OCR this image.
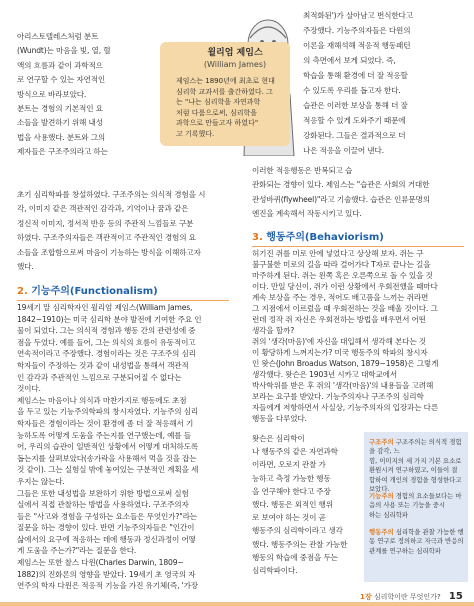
윌리엄 제임스
(William James)
제임스는 1890년에 최초로 현대
심리학 교과서를 출간하였다. 그
는 "나는 심리학을 자연과학
처럼 다룸으로써, 심리학을
과학으로 만들고자 하였다"
고 기록했다.
아리스토텔레스처럼 분트
(Wundt)는 마음을 빛, 열, 혈
액의 흐름과 같이 과학적으
로 연구할 수 있는 자연적인
방식으로 바라보았다.
분트는 경험의 기본적인 요
소들을 발견하기 위해 내성
법을 사용했다. 분트와 그의
제자들은 구조주의라고 하는
초기 심리학파를 창설하였다. 구조주의는 의식적 경험을 시
각, 이미지 같은 객관적인 감각과, 기억이나 꿈과 같은
정신적 이미지, 정서적 반응 등의 주관적 느낌들로 구분
하였다. 구조주의자들은 객관적이고 주관적인 경험의 요
소들을 조합함으로써 마음이 기능하는 방식을 이해하고자
했다.
2. 기능주의(Functionalism)
19세기 말 심리학자인 윌리엄 제임스(William James,
1842~1910)는 미국 심리학 분야 발전에 기여한 주요 인
물이 되었다. 그는 의식적 경험과 행동 간의 관련성에 중
점을 두었다. 예를 들어, 그는 의식의 흐름이 유동적이고
연속적이라고 주장했다. 경험이라는 것은 구조주의 심리
학자들이 주장하는 것과 같이 내성법을 통해서 객관적
인 감각과 주관적인 느낌으로 구분되어질 수 없다는
것이다.
제임스는 마음이나 의식과 마찬가지로 행동에도 초점
을 두고 있는 기능주의학파의 창시자였다. 기능주의 심리
학자들은 경험이라는 것이 환경에 좀 더 잘 적응해서 기
능하도록 어떻게 도움을 주는지를 연구했는데, 예를 들
어, 우리의 습관이 일반적인 상황에서 어떻게 대처하도록
돕는지를 살펴보았다(송가락을 사용해서 먹을 것을 잡는
것 같이). 그는 실험실 밖에 놓여있는 구분적인 계획을 세
우지는 않는다.
그들은 또한 내성법을 보완하기 위한 방법으로써 실험
실에서 직접 관찰하는 방법을 사용하였다. 구조주의자
들은 "사고와 경험을 구성하는 요소들은 무엇인가?"라는
질문을 하는 경향이 있다. 반면 기능주의자들은 "인간이
삶에서의 요구에 적응하는 데에 행동과 정신과정이 어떻
게 도움을 주는가?"라는 질문을 한다.
제임스는 또한 찰스 다윈(Charles Darwin, 1809~
1882)의 진화론의 영향을 받았다. 19세기 초 영국의 자
연주의 학자 다윈은 적응적 기능을 가진 유기체(즉, '가장
최적화된')가 살아남고 번식한다고
주장했다. 기능주의자들은 다윈의
이론을 재해석해 적응적 행동패턴
의 측면에서 보게 되었다. 즉,
학습을 통해 환경에 더 잘 적응할
수 있도록 우리를 돕고자 한다.
습관은 이러한 보상을 통해 더 잘
적응할 수 있게 도와주기 때문에
강화된다. 그들은 결과적으로 더
나은 적응을 이끌어 낸다.
이러한 적응행동은 반복되고 습
관화되는 경향이 있다. 제임스는 "습관은 사회의 거대한
관성바퀴(flywheel)"라고 기술했다. 습관은 인류문명의
엔진을 계속해서 작동시키고 있다.
3. 행동주의(Behaviorism)
허기진 쥐를 미로 안에 넣었다고 상상해 보자. 쥐는 구
불구불한 미로의 길을 따라 걸어가다 T자로 끝나는 길을
마주하게 된다. 쥐는 왼쪽 혹은 오른쪽으로 돌 수 있을 것
이다. 만일 당신이, 쥐가 이런 상황에서 우회전했을 때마다
계속 보상을 주는 경우, 적어도 배고픔을 느끼는 쥐라면
그 지점에서 이르렀을 때 우회전하는 것을 배울 것이다. 그
런데 정작 쥐 자신은 우회전하는 방법을 배우면서 어떤
생각을 할까?
쥐의 '생각(마음)'에 자신을 대입해서 생각해 본다는 것
이 황당하게 느껴지는가? 미국 행동주의 학파의 창시자
인 왓슨(John Broadus Watson, 1879~1958)은 그렇게
생각했다. 왓슨은 1903년 시카고 대학교에서
박사학위를 받은 후 쥐의 '생각(마음)'의 내용들을 고려해
보라는 요구를 받았다. 기능주의자나 구조주의 심리학
자들에게 저항하면서 사실상, 기능주의자의 입장과는 다른
행동을 다루었다.
왓슨은 심리학이
나 행동주의 같은 자연과학
이라면, 오로지 관찰 가
능하고 측정 가능한 행동
을 연구해야 한다고 주장
했다. 행동은 외적인 행위
로 보여야 하는 것이 곧
행동주의 심리학이라고 생각
했다. 행동주의는 관찰 가능한
행동의 학습에 중점을 두는
심리학파이다.
구조주의 구조주의는 의식적 경험을 감각, 느
낌, 이미지의 세 가지 기본 요소로
환원시켜 연구하였고, 이들이 결
합하여 개인의 경험을 형성한다고
보았다.
기능주의 경험의 요소들보다는 마
음의 사용 또는 기능을 중시
하는 심리학파
행동주의 심리학을 관찰 가능한 행
동 연구로 정의하고 자극과 반응의
관계를 연구하는 심리학파
1장 심리학이란 무엇인가? 15
